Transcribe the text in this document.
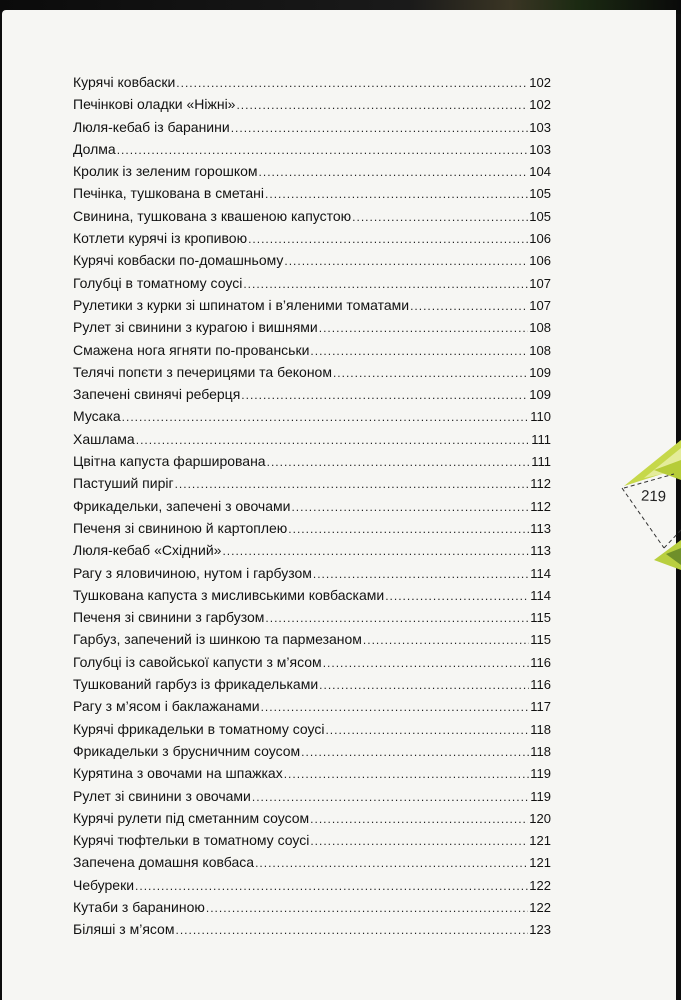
Курячі ковбаски .....	102
Печінкові оладки «Ніжні» .....	102
Люля-кебаб із баранини .....	103
Долма .....	103
Кролик із зеленим горошком .....	104
Печінка, тушкована в сметані .....	105
Свинина, тушкована з квашеною капустою .....	105
Котлети курячі із кропивою .....	106
Курячі ковбаски по-домашньому .....	106
Голубці в томатному соусі .....	107
Рулетики з курки зі шпинатом і в’яленими томатами .....	107
Рулет зі свинини з курагою і вишнями .....	108
Смажена нога ягняти по-прованськи .....	108
Телячі попєти з печерицями та беконом .....	109
Запечені свинячі реберця .....	109
Мусака .....	110
Хашлама .....	111
Цвітна капуста фарширована .....	111
Пастуший пиріг .....	112
Фрикадельки, запечені з овочами .....	112
Печеня зі свининою й картоплею .....	113
Люля-кебаб «Східний» .....	113
Рагу з яловичиною, нутом і гарбузом .....	114
Тушкована капуста з мисливськими ковбасками .....	114
Печеня зі свинини з гарбузом .....	115
Гарбуз, запечений із шинкою та пармезаном .....	115
Голубці із савойської капусти з м’ясом .....	116
Тушкований гарбуз із фрикадельками .....	116
Рагу з м’ясом і баклажанами .....	117
Курячі фрикадельки в томатному соусі .....	118
Фрикадельки з брусничним соусом .....	118
Курятина з овочами на шпажках .....	119
Рулет зі свинини з овочами .....	119
Курячі рулети під сметанним соусом .....	120
Курячі тюфтельки в томатному соусі .....	121
Запечена домашня ковбаса .....	121
Чебуреки .....	122
Кутаби з бараниною .....	122
Біляші з м’ясом .....	123
219
